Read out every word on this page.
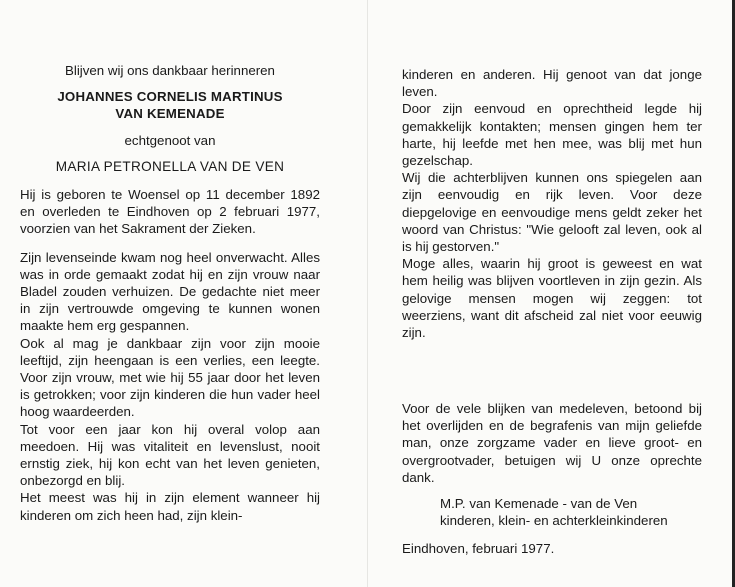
Blijven wij ons dankbaar herinneren

JOHANNES CORNELIS MARTINUS

VAN KEMENADE

echtgenoot van

MARIA PETRONELLA VAN DE VEN

Hij is geboren te Woensel op 11 december 1892 en overleden te Eindhoven op 2 februari 1977, voorzien van het Sakrament der Zieken.

Zijn levenseinde kwam nog heel onverwacht. Alles was in orde gemaakt zodat hij en zijn vrouw naar Bladel zouden verhuizen. De gedachte niet meer in zijn vertrouwde omgeving te kunnen wonen maakte hem erg gespannen.

Ook al mag je dankbaar zijn voor zijn mooie leeftijd, zijn heengaan is een verlies, een leegte. Voor zijn vrouw, met wie hij 55 jaar door het leven is getrokken; voor zijn kinderen die hun vader heel hoog waardeerden.

Tot voor een jaar kon hij overal volop aan meedoen. Hij was vitaliteit en levenslust, nooit ernstig ziek, hij kon echt van het leven genieten, onbezorgd en blij.

Het meest was hij in zijn element wanneer hij kinderen om zich heen had, zijn klein-

kinderen en anderen. Hij genoot van dat jonge leven.

Door zijn eenvoud en oprechtheid legde hij gemakkelijk kontakten; mensen gingen hem ter harte, hij leefde met hen mee, was blij met hun gezelschap.

Wij die achterblijven kunnen ons spiegelen aan zijn eenvoudig en rijk leven. Voor deze diepgelovige en eenvoudige mens geldt zeker het woord van Christus: "Wie gelooft zal leven, ook al is hij gestorven."

Moge alles, waarin hij groot is geweest en wat hem heilig was blijven voortleven in zijn gezin. Als gelovige mensen mogen wij zeggen: tot weerziens, want dit afscheid zal niet voor eeuwig zijn.

Voor de vele blijken van medeleven, betoond bij het overlijden en de begrafenis van mijn geliefde man, onze zorgzame vader en lieve groot- en overgrootvader, betuigen wij U onze oprechte dank.

M.P. van Kemenade - van de Ven

kinderen, klein- en achterkleinkinderen

Eindhoven, februari 1977.
